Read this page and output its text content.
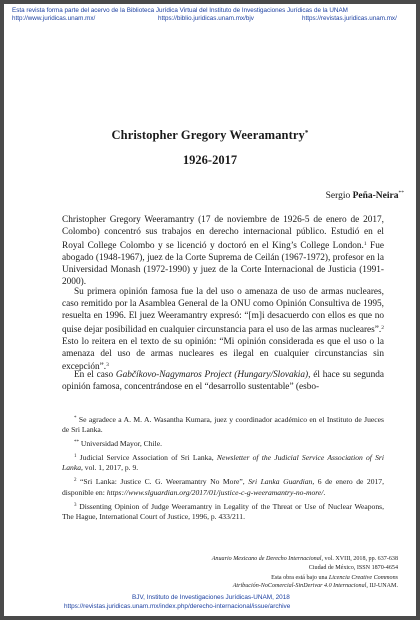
Esta revista forma parte del acervo de la Biblioteca Jurídica Virtual del Instituto de Investigaciones Jurídicas de la UNAM
http://www.juridicas.unam.mx/	https://biblio.juridicas.unam.mx/bjv	https://revistas.juridicas.unam.mx/
Christopher Gregory Weeramantry*
1926-2017
Sergio Peña-Neira**
Christopher Gregory Weeramantry (17 de noviembre de 1926-5 de enero de 2017, Colombo) concentró sus trabajos en derecho internacional público. Estudió en el Royal College Colombo y se licenció y doctoró en el King’s College London.$^1$ Fue abogado (1948-1967), juez de la Corte Suprema de Ceilán (1967-1972), profesor en la Universidad Monash (1972-1990) y juez de la Corte Internacional de Justicia (1991-2000).
Su primera opinión famosa fue la del uso o amenaza de uso de armas nucleares, caso remitido por la Asamblea General de la ONU como Opinión Consultiva de 1995, resuelta en 1996. El juez Weeramantry expresó: “[m]i desacuerdo con ellos es que no quise dejar posibilidad en cualquier circunstancia para el uso de las armas nucleares”.$^2$ Esto lo reitera en el texto de su opinión: “Mi opinión considerada es que el uso o la amenaza del uso de armas nucleares es ilegal en cualquier circunstancias sin excepción”.$^3$
En el caso Gabčíkovo-Nagymaros Project (Hungary/Slovakia), él hace su segunda opinión famosa, concentrándose en el “desarrollo sustentable” (esbo-
* Se agradece a A. M. A. Wasantha Kumara, juez y coordinador académico en el Instituto de Jueces de Sri Lanka.
** Universidad Mayor, Chile.
$^1$ Judicial Service Association of Sri Lanka, Newsletter of the Judicial Service Association of Sri Lanka, vol. 1, 2017, p. 9.
$^2$ “Sri Lanka: Justice C. G. Weeramantry No More”, Sri Lanka Guardian, 6 de enero de 2017, disponible en: https://www.slguardian.org/2017/01/justice-c-g-weeramantry-no-more/.
$^3$ Dissenting Opinion of Judge Weeramantry in Legality of the Threat or Use of Nuclear Weapons, The Hague, International Court of Justice, 1996, p. 433/211.
Anuario Mexicano de Derecho Internacional, vol. XVIII, 2018, pp. 637-638
Ciudad de México, ISSN 1870-4654
Esta obra está bajo una Licencia Creative Commons
Atribución-NoComercial-SinDerivar 4.0 Internacional, IIJ-UNAM.
BJV, Instituto de Investigaciones Jurídicas-UNAM, 2018
https://revistas.juridicas.unam.mx/index.php/derecho-internacional/issue/archive
